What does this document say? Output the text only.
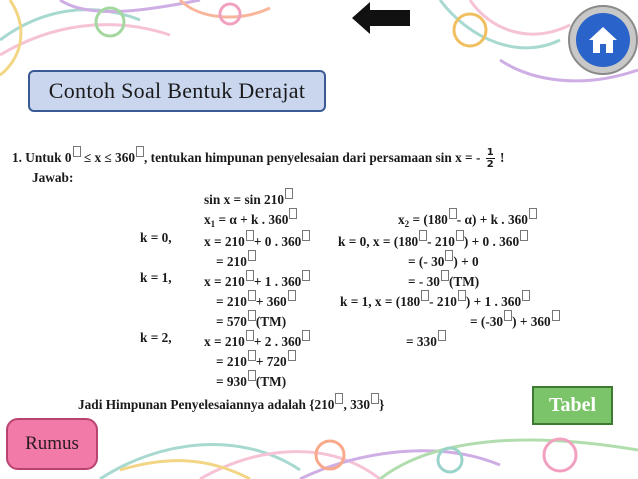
Contoh Soal Bentuk Derajat
1. Untuk 0 ≤ x ≤ 360 , tentukan himpunan penyelesaian dari persamaan sin x = - $\frac{1}{2}$ !
Jawab:
sin x = sin 210
$x_1 = \alpha + k$ . 360	$x_2 = (180 - \alpha) + k$ . 360
k = 0, x = 210 + 0 . 360	k = 0, x = (180 - 210 ) + 0 . 360
= 210	= (- 30 ) + 0
k = 1, x = 210 + 1 . 360	= - 30 (TM)
= 210 + 360	k = 1, x = (180 - 210 ) + 1 . 360
= 570 (TM)	= (-30 ) + 360
k = 2, x = 210 + 2 . 360	= 330
= 210 + 720
= 930 (TM)
Jadi Himpunan Penyelesaiannya adalah {210 , 330 }	Tabel
Rumus
